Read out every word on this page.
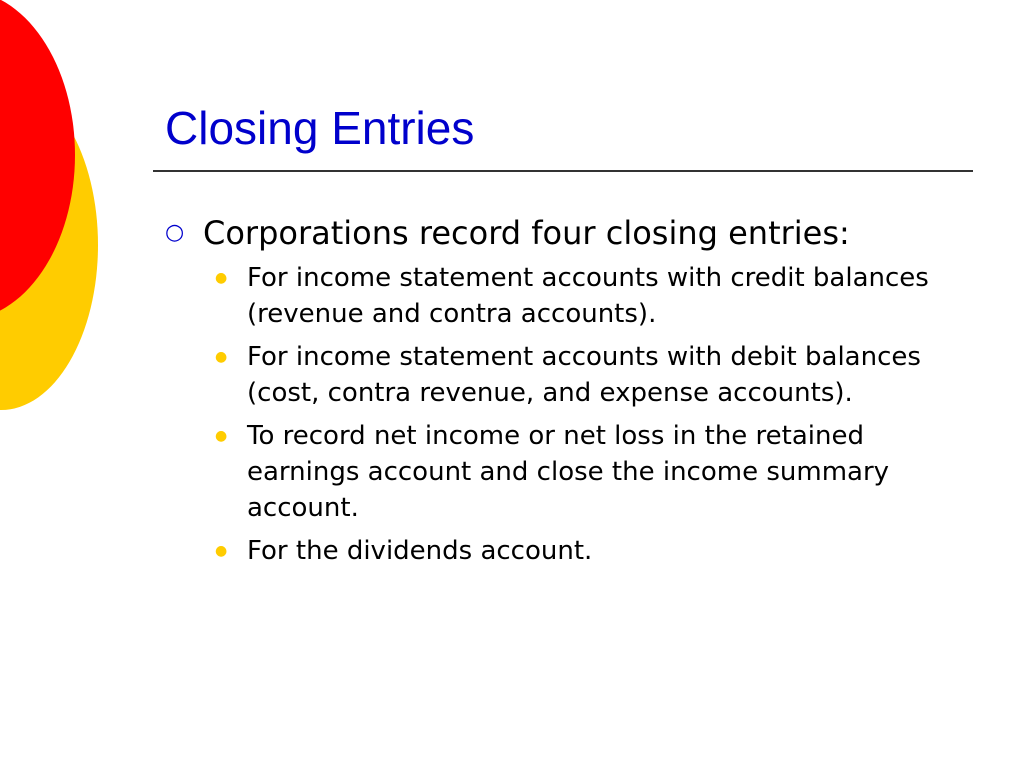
Closing Entries
○ Corporations record four closing entries:
● For income statement accounts with credit balances (revenue and contra accounts).
● For income statement accounts with debit balances (cost, contra revenue, and expense accounts).
● To record net income or net loss in the retained earnings account and close the income summary account.
● For the dividends account.
